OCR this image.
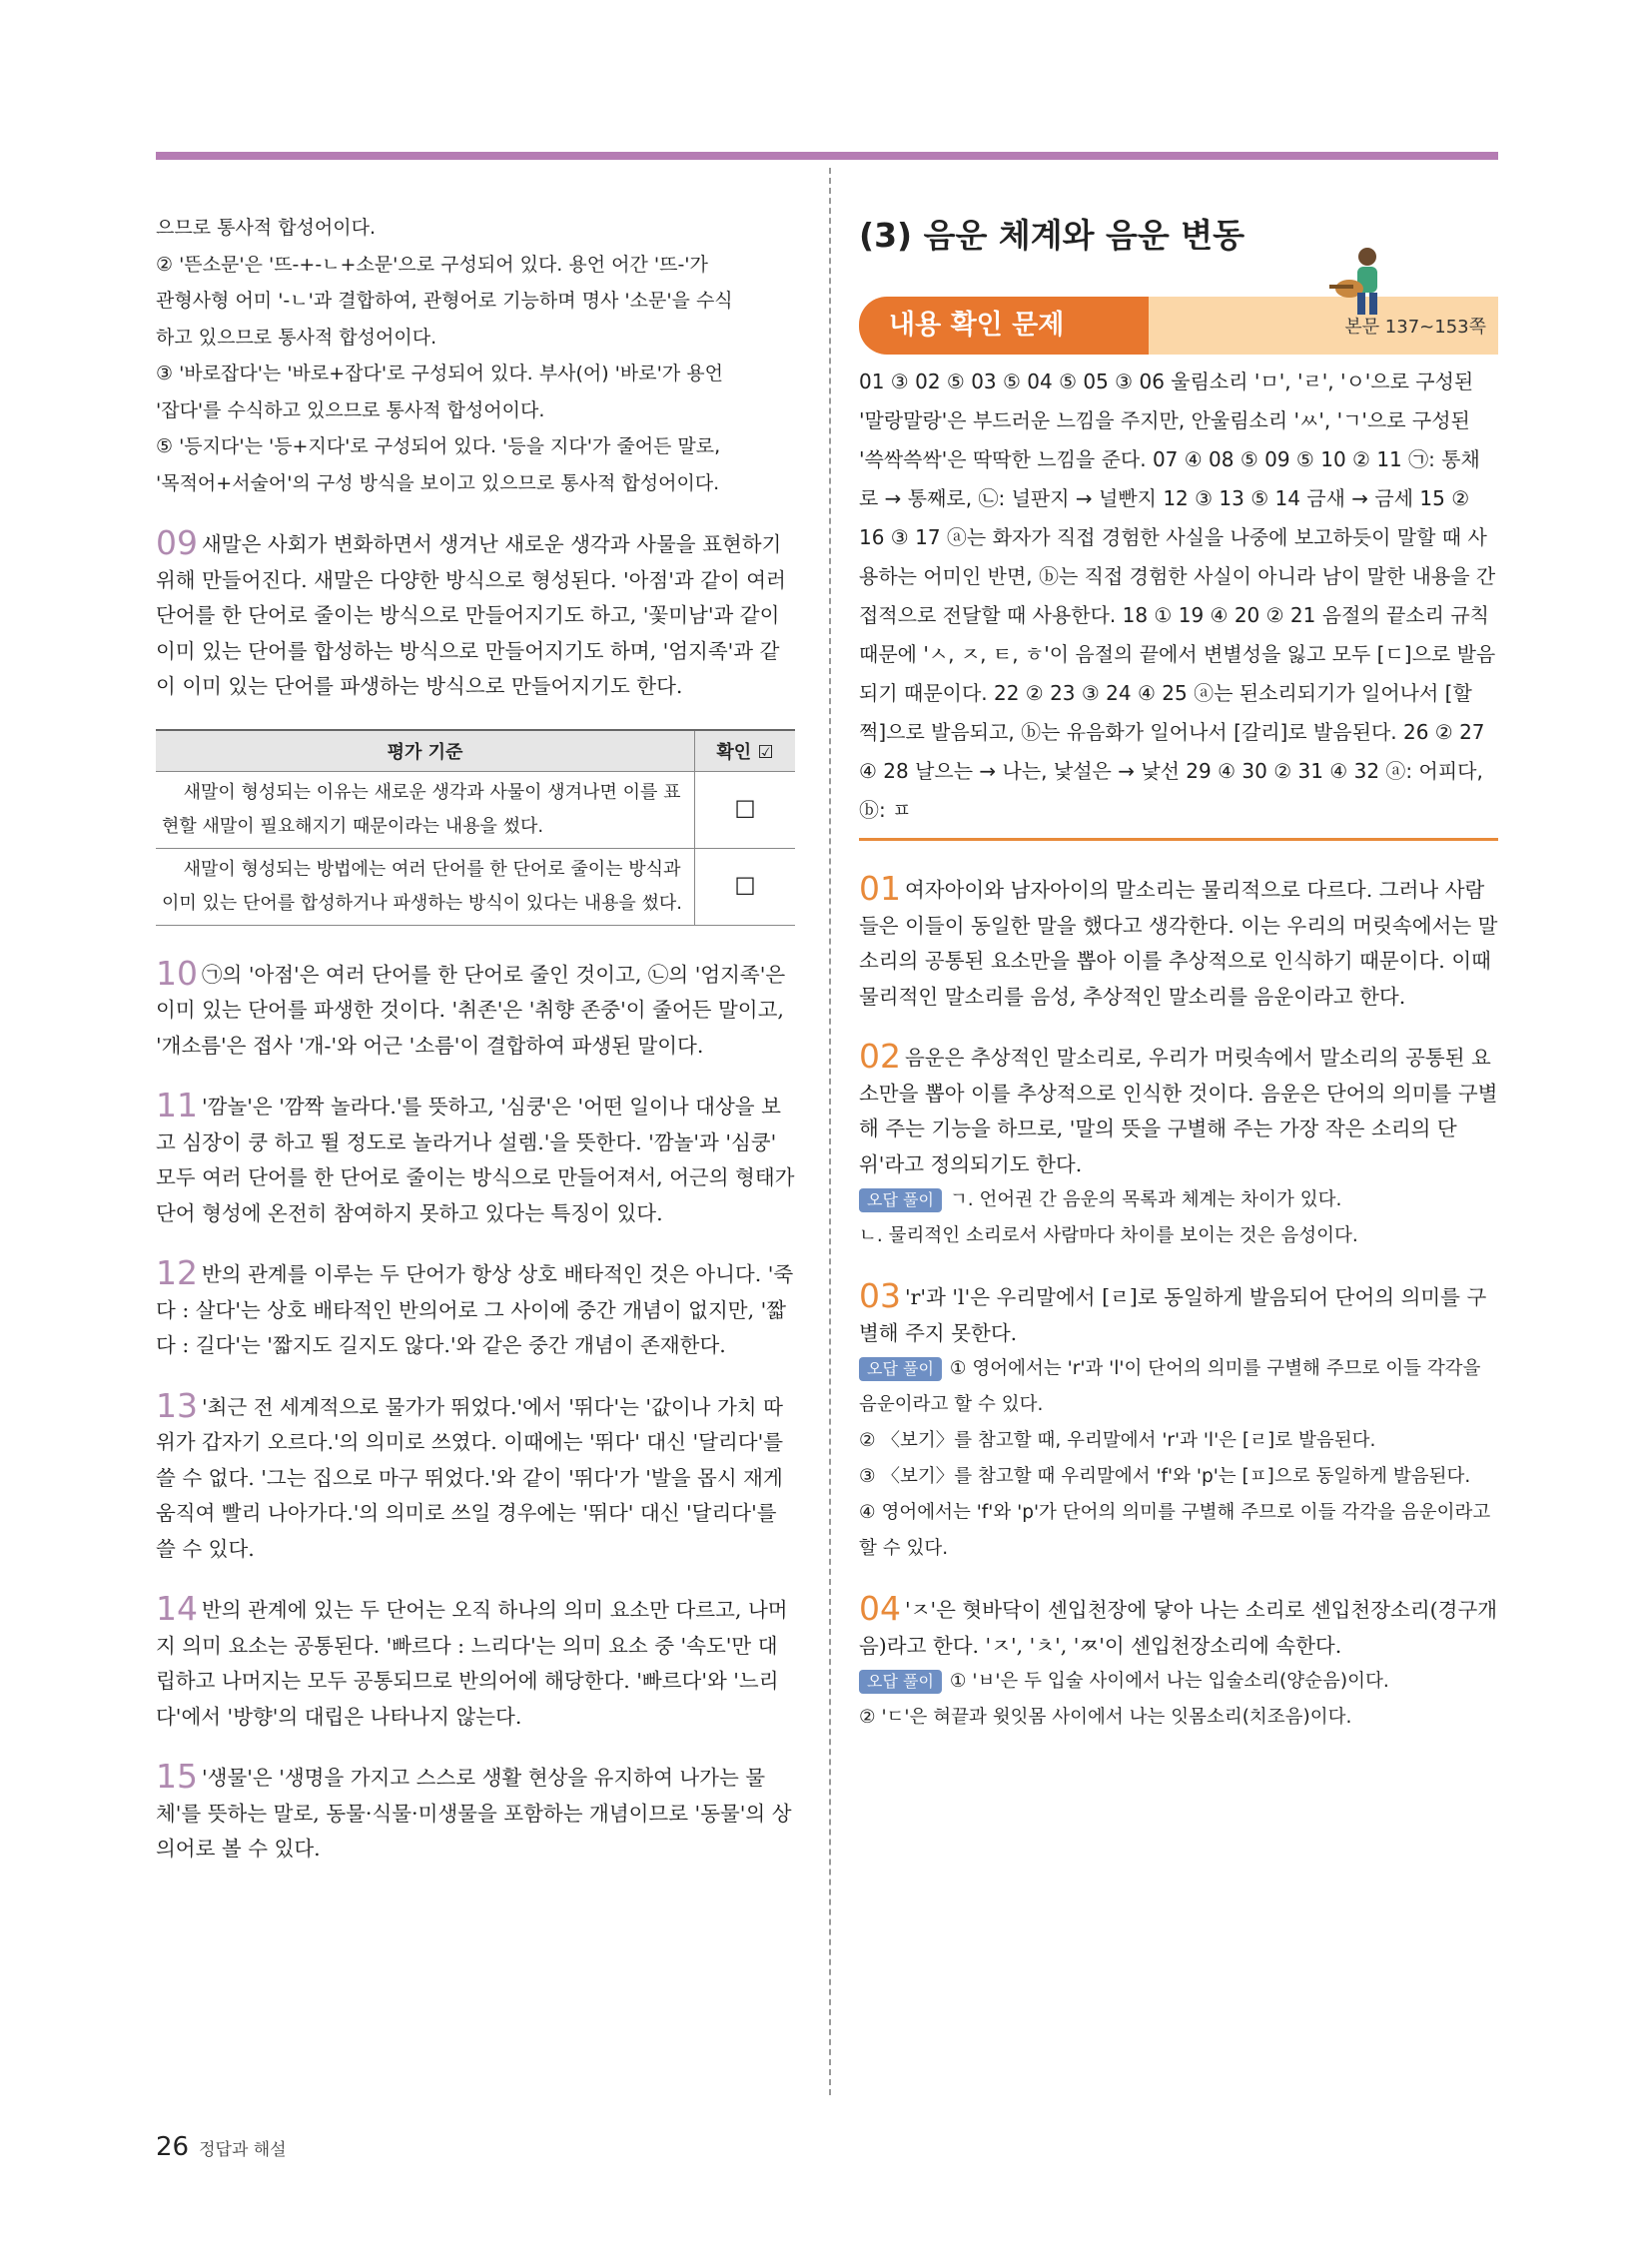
으므로 통사적 합성어이다.

② '뜬소문'은 '뜨-+-ㄴ+소문'으로 구성되어 있다. 용언 어간 '뜨-'가

관형사형 어미 '-ㄴ'과 결합하여, 관형어로 기능하며 명사 '소문'을 수식

하고 있으므로 통사적 합성어이다.

③ '바로잡다'는 '바로+잡다'로 구성되어 있다. 부사(어) '바로'가 용언

'잡다'를 수식하고 있으므로 통사적 합성어이다.

⑤ '등지다'는 '등+지다'로 구성되어 있다. '등을 지다'가 줄어든 말로,

'목적어+서술어'의 구성 방식을 보이고 있으므로 통사적 합성어이다.

09 새말은 사회가 변화하면서 생겨난 새로운 생각과 사물을 표현하기 위해 만들어진다. 새말은 다양한 방식으로 형성된다. '아점'과 같이 여러 단어를 한 단어로 줄이는 방식으로 만들어지기도 하고, '꽃미남'과 같이 이미 있는 단어를 합성하는 방식으로 만들어지기도 하며, '엄지족'과 같이 이미 있는 단어를 파생하는 방식으로 만들어지기도 한다.

평가 기준	확인 ☑
새말이 형성되는 이유는 새로운 생각과 사물이 생겨나면 이를 표현할 새말이 필요해지기 때문이라는 내용을 썼다.	☐
새말이 형성되는 방법에는 여러 단어를 한 단어로 줄이는 방식과 이미 있는 단어를 합성하거나 파생하는 방식이 있다는 내용을 썼다.	☐

10 ㉠의 '아점'은 여러 단어를 한 단어로 줄인 것이고, ㉡의 '엄지족'은 이미 있는 단어를 파생한 것이다. '취존'은 '취향 존중'이 줄어든 말이고, '개소름'은 접사 '개-'와 어근 '소름'이 결합하여 파생된 말이다.

11 '깜놀'은 '깜짝 놀라다.'를 뜻하고, '심쿵'은 '어떤 일이나 대상을 보고 심장이 쿵 하고 뛸 정도로 놀라거나 설렘.'을 뜻한다. '깜놀'과 '심쿵' 모두 여러 단어를 한 단어로 줄이는 방식으로 만들어져서, 어근의 형태가 단어 형성에 온전히 참여하지 못하고 있다는 특징이 있다.

12 반의 관계를 이루는 두 단어가 항상 상호 배타적인 것은 아니다. '죽다 : 살다'는 상호 배타적인 반의어로 그 사이에 중간 개념이 없지만, '짧다 : 길다'는 '짧지도 길지도 않다.'와 같은 중간 개념이 존재한다.

13 '최근 전 세계적으로 물가가 뛰었다.'에서 '뛰다'는 '값이나 가치 따위가 갑자기 오르다.'의 의미로 쓰였다. 이때에는 '뛰다' 대신 '달리다'를 쓸 수 없다. '그는 집으로 마구 뛰었다.'와 같이 '뛰다'가 '발을 몹시 재게 움직여 빨리 나아가다.'의 의미로 쓰일 경우에는 '뛰다' 대신 '달리다'를 쓸 수 있다.

14 반의 관계에 있는 두 단어는 오직 하나의 의미 요소만 다르고, 나머지 의미 요소는 공통된다. '빠르다 : 느리다'는 의미 요소 중 '속도'만 대립하고 나머지는 모두 공통되므로 반의어에 해당한다. '빠르다'와 '느리다'에서 '방향'의 대립은 나타나지 않는다.

15 '생물'은 '생명을 가지고 스스로 생활 현상을 유지하여 나가는 물체'를 뜻하는 말로, 동물·식물·미생물을 포함하는 개념이므로 '동물'의 상의어로 볼 수 있다.

(3) 음운 체계와 음운 변동
내용 확인 문제	본문 137~153쪽

01 ③ 02 ⑤ 03 ⑤ 04 ⑤ 05 ③ 06 울림소리 'ㅁ', 'ㄹ', 'ㅇ'으로 구성된 '말랑말랑'은 부드러운 느낌을 주지만, 안울림소리 'ㅆ', 'ㄱ'으로 구성된 '쓱싹쓱싹'은 딱딱한 느낌을 준다. 07 ④ 08 ⑤ 09 ⑤ 10 ② 11 ㉠: 통채로 → 통째로, ㉡: 널판지 → 널빤지 12 ③ 13 ⑤ 14 금새 → 금세 15 ② 16 ③ 17 ⓐ는 화자가 직접 경험한 사실을 나중에 보고하듯이 말할 때 사용하는 어미인 반면, ⓑ는 직접 경험한 사실이 아니라 남이 말한 내용을 간접적으로 전달할 때 사용한다. 18 ① 19 ④ 20 ② 21 음절의 끝소리 규칙 때문에 'ㅅ, ㅈ, ㅌ, ㅎ'이 음절의 끝에서 변별성을 잃고 모두 [ㄷ]으로 발음되기 때문이다. 22 ② 23 ③ 24 ④ 25 ⓐ는 된소리되기가 일어나서 [할쩍]으로 발음되고, ⓑ는 유음화가 일어나서 [갈리]로 발음된다. 26 ② 27 ④ 28 날으는 → 나는, 낯설은 → 낯선 29 ④ 30 ② 31 ④ 32 ⓐ: 어피다, ⓑ: ㅍ

01 여자아이와 남자아이의 말소리는 물리적으로 다르다. 그러나 사람들은 이들이 동일한 말을 했다고 생각한다. 이는 우리의 머릿속에서는 말소리의 공통된 요소만을 뽑아 이를 추상적으로 인식하기 때문이다. 이때 물리적인 말소리를 음성, 추상적인 말소리를 음운이라고 한다.

02 음운은 추상적인 말소리로, 우리가 머릿속에서 말소리의 공통된 요소만을 뽑아 이를 추상적으로 인식한 것이다. 음운은 단어의 의미를 구별해 주는 기능을 하므로, '말의 뜻을 구별해 주는 가장 작은 소리의 단위'라고 정의되기도 한다.

오답 풀이 ㄱ. 언어권 간 음운의 목록과 체계는 차이가 있다.

ㄴ. 물리적인 소리로서 사람마다 차이를 보이는 것은 음성이다.

03 'r'과 'l'은 우리말에서 [ㄹ]로 동일하게 발음되어 단어의 의미를 구별해 주지 못한다.

오답 풀이 ① 영어에서는 'r'과 'l'이 단어의 의미를 구별해 주므로 이들 각각을 음운이라고 할 수 있다.

② 〈보기〉를 참고할 때, 우리말에서 'r'과 'l'은 [ㄹ]로 발음된다.

③ 〈보기〉를 참고할 때 우리말에서 'f'와 'p'는 [ㅍ]으로 동일하게 발음된다.

④ 영어에서는 'f'와 'p'가 단어의 의미를 구별해 주므로 이들 각각을 음운이라고 할 수 있다.

04 'ㅈ'은 혓바닥이 센입천장에 닿아 나는 소리로 센입천장소리(경구개음)라고 한다. 'ㅈ', 'ㅊ', 'ㅉ'이 센입천장소리에 속한다.

오답 풀이 ① 'ㅂ'은 두 입술 사이에서 나는 입술소리(양순음)이다.

② 'ㄷ'은 혀끝과 윗잇몸 사이에서 나는 잇몸소리(치조음)이다.

26 정답과 해설
